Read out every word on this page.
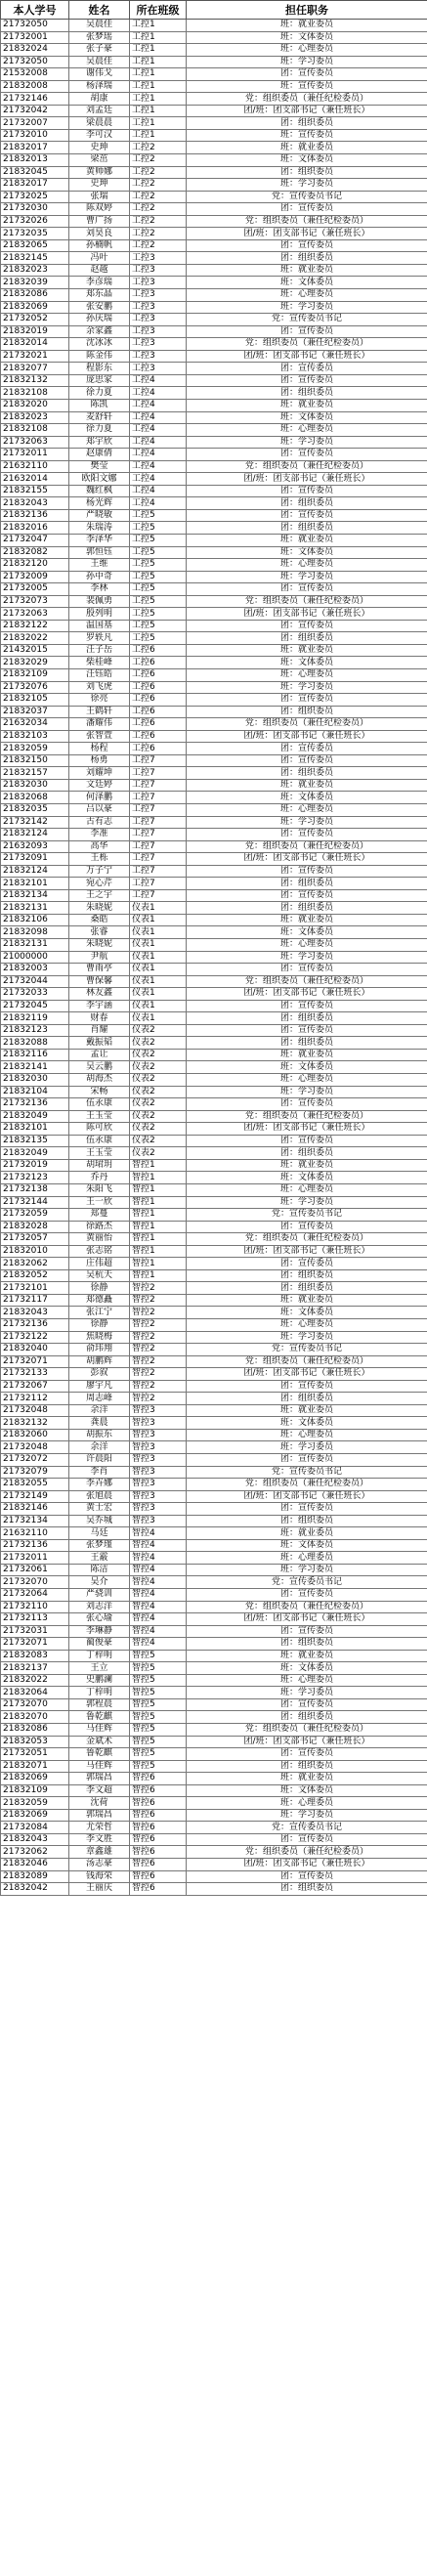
本人学号	姓名	所在班级	担任职务
21732050	吴晨佳	工控1	班：就业委员
21732001	张梦瑶	工控1	班：文体委员
21832024	张子豪	工控1	班：心理委员
21732050	吴晨佳	工控1	班：学习委员
21532008	谢伟戈	工控1	团：宣传委员
21832008	杨泽瑞	工控1	班：宣传委员
21732146	胡康	工控1	党：组织委员（兼任纪检委员）
21732042	刘孟廷	工控1	团/班：团支部书记（兼任班长）
21732007	梁晨晨	工控1	团：组织委员
21732010	李可汉	工控1	班：宣传委员
21832017	史珅	工控2	班：就业委员
21832013	梁茁	工控2	班：文体委员
21832045	黄帅娜	工控2	团：组织委员
21832017	史珅	工控2	班：学习委员
21732025	张瑞	工控2	党：宣传委员书记
21732030	陈双婷	工控2	团：宣传委员
21732026	曹广扬	工控2	党：组织委员（兼任纪检委员）
21732035	刘昊良	工控2	团/班：团支部书记（兼任班长）
21832065	孙楠帆	工控2	团：宣传委员
21832145	冯叶	工控3	团：组织委员
21832023	赵越	工控3	班：就业委员
21832039	李彦瑞	工控3	班：文体委员
21832086	郑东晶	工控3	班：心理委员
21832069	张安鹏	工控3	班：学习委员
21732052	孙庆瑞	工控3	党：宣传委员书记
21832019	余家鑫	工控3	团：宣传委员
21832014	沈冰冰	工控3	党：组织委员（兼任纪检委员）
21732021	陈金伟	工控3	团/班：团支部书记（兼任班长）
21832077	程影东	工控3	团：宣传委员
21832132	庞思家	工控4	团：宣传委员
21832108	徐力夏	工控4	团：组织委员
21832020	陈凯	工控4	班：就业委员
21832023	麦舒轩	工控4	班：文体委员
21832108	徐力夏	工控4	班：心理委员
21732063	郑宇欣	工控4	班：学习委员
21732011	赵康倩	工控4	团：宣传委员
21632110	樊莹	工控4	党：组织委员（兼任纪检委员）
21632014	欧阳文娜	工控4	团/班：团支部书记（兼任班长）
21832155	魏红枫	工控4	团：宣传委员
21832043	杨光辉	工控4	团：组织委员
21832136	严晓敏	工控5	团：宣传委员
21832016	朱瑞涛	工控5	团：组织委员
21732047	李泽华	工控5	班：就业委员
21832082	郭恒钰	工控5	班：文体委员
21832120	王维	工控5	班：心理委员
21732009	孙中奇	工控5	班：学习委员
21732005	李林	工控5	团：宣传委员
21732073	裴佩勇	工控5	党：组织委员（兼任纪检委员）
21732063	殷列明	工控5	团/班：团支部书记（兼任班长）
21832122	温国基	工控5	团：宣传委员
21832022	罗轶凡	工控5	团：组织委员
21432015	汪子岳	工控6	班：就业委员
21832029	柴桂峰	工控6	班：文体委员
21832109	汪钰皓	工控6	班：心理委员
21732076	刘飞虎	工控6	班：学习委员
21832105	徐亮	工控6	团：宣传委员
21832037	王鹤轩	工控6	团：组织委员
21632034	潘耀伟	工控6	党：组织委员（兼任纪检委员）
21832103	张智萱	工控6	团/班：团支部书记（兼任班长）
21832059	杨程	工控6	团：宣传委员
21832150	杨勇	工控7	团：宣传委员
21832157	刘耀坤	工控7	团：组织委员
21832030	文廷婷	工控7	班：就业委员
21832068	何泽鹏	工控7	班：文体委员
21832035	吕以豪	工控7	班：心理委员
21732142	古有志	工控7	班：学习委员
21832124	李准	工控7	团：宣传委员
21632093	高华	工控7	党：组织委员（兼任纪检委员）
21732091	王栎	工控7	团/班：团支部书记（兼任班长）
21832124	万子宁	工控7	团：宣传委员
21832101	宛心芹	工控7	团：组织委员
21832134	王之宇	工控7	团：宣传委员
21832131	朱晓妮	仪表1	团：组织委员
21832106	桑皓	仪表1	班：就业委员
21832098	张睿	仪表1	班：文体委员
21832131	朱晓妮	仪表1	班：心理委员
21000000	尹航	仪表1	班：学习委员
21832003	曹雨亭	仪表1	团：宣传委员
21732044	曹保馨	仪表1	党：组织委员（兼任纪检委员）
21732033	林友鑫	仪表1	团/班：团支部书记（兼任班长）
21732045	李宇涵	仪表1	团：宣传委员
21832119	财春	仪表1	团：组织委员
21832123	肖耀	仪表2	团：宣传委员
21832088	戴振韬	仪表2	团：组织委员
21832116	孟让	仪表2	班：就业委员
21832141	吴云鹏	仪表2	班：文体委员
21832030	胡海杰	仪表2	班：心理委员
21832104	宋畅	仪表2	班：学习委员
21732136	伍永康	仪表2	团：宣传委员
21832049	王玉莹	仪表2	党：组织委员（兼任纪检委员）
21832101	陈可欣	仪表2	团/班：团支部书记（兼任班长）
21832135	伍永康	仪表2	团：宣传委员
21832049	王玉莹	仪表2	团：组织委员
21732019	胡珺玥	智控1	班：就业委员
21732123	乔丹	智控1	班：文体委员
21732138	朱阳飞	智控1	班：心理委员
21732144	王一欣	智控1	班：学习委员
21732059	郑蔓	智控1	党：宣传委员书记
21832028	徐路杰	智控1	团：宣传委员
21732057	黄丽怡	智控1	党：组织委员（兼任纪检委员）
21832010	张志铭	智控1	团/班：团支部书记（兼任班长）
21832062	庄伟超	智控1	团：宣传委员
21832052	吴杭天	智控1	团：组织委员
21732101	徐静	智控2	团：组织委员
21732117	郑德矗	智控2	班：就业委员
21832043	张江宁	智控2	班：文体委员
21732136	徐静	智控2	班：心理委员
21732122	焦晓梅	智控2	班：学习委员
21832040	俞玮翔	智控2	党：宣传委员书记
21732071	胡鹏辉	智控2	党：组织委员（兼任纪检委员）
21732133	彭叙	智控2	团/班：团支部书记（兼任班长）
21732067	廖宇凡	智控2	团：宣传委员
21732112	周志峰	智控2	团：组织委员
21732048	余洋	智控3	班：就业委员
21832132	龚晨	智控3	班：文体委员
21832060	胡振东	智控3	班：心理委员
21732048	余洋	智控3	班：学习委员
21732072	许晨阳	智控3	团：宣传委员
21732079	李肖	智控3	党：宣传委员书记
21832055	李卉娜	智控3	党：组织委员（兼任纪检委员）
21732149	张旭晨	智控3	团/班：团支部书记（兼任班长）
21832146	黄士宏	智控3	团：宣传委员
21732134	吴乔城	智控3	团：组织委员
21632110	马廷	智控4	班：就业委员
21732136	张梦瑾	智控4	班：文体委员
21732011	王霰	智控4	班：心理委员
21732061	陈洁	智控4	班：学习委员
21732070	吴介	智控4	党：宣传委员书记
21732064	严骁训	智控4	团：宣传委员
21732110	刘志洋	智控4	党：组织委员（兼任纪检委员）
21732113	张心瑜	智控4	团/班：团支部书记（兼任班长）
21732031	李琳静	智控4	团：宣传委员
21732071	蔺俊豪	智控4	团：组织委员
21832083	丁梓明	智控5	班：就业委员
21832137	王立	智控5	班：文体委员
21832022	史鹏澜	智控5	班：心理委员
21832064	丁梓明	智控5	班：学习委员
21732070	郭程晨	智控5	团：宣传委员
21832070	鲁乾麒	智控5	团：组织委员
21832086	马佳辉	智控5	党：组织委员（兼任纪检委员）
21832053	金斌术	智控5	团/班：团支部书记（兼任班长）
21732051	鲁乾麒	智控5	团：宣传委员
21832071	马佳辉	智控5	团：组织委员
21832069	郭瑞昌	智控6	班：就业委员
21832109	李文超	智控6	班：文体委员
21832059	沈荷	智控6	班：心理委员
21832069	郭瑞昌	智控6	班：学习委员
21732084	尤荣哲	智控6	党：宣传委员书记
21832043	李文胜	智控6	团：宣传委员
21732062	章鑫雄	智控6	党：组织委员（兼任纪检委员）
21832046	汤志豪	智控6	团/班：团支部书记（兼任班长）
21832089	钱海荣	智控6	团：宣传委员
21832042	王丽庆	智控6	团：组织委员
